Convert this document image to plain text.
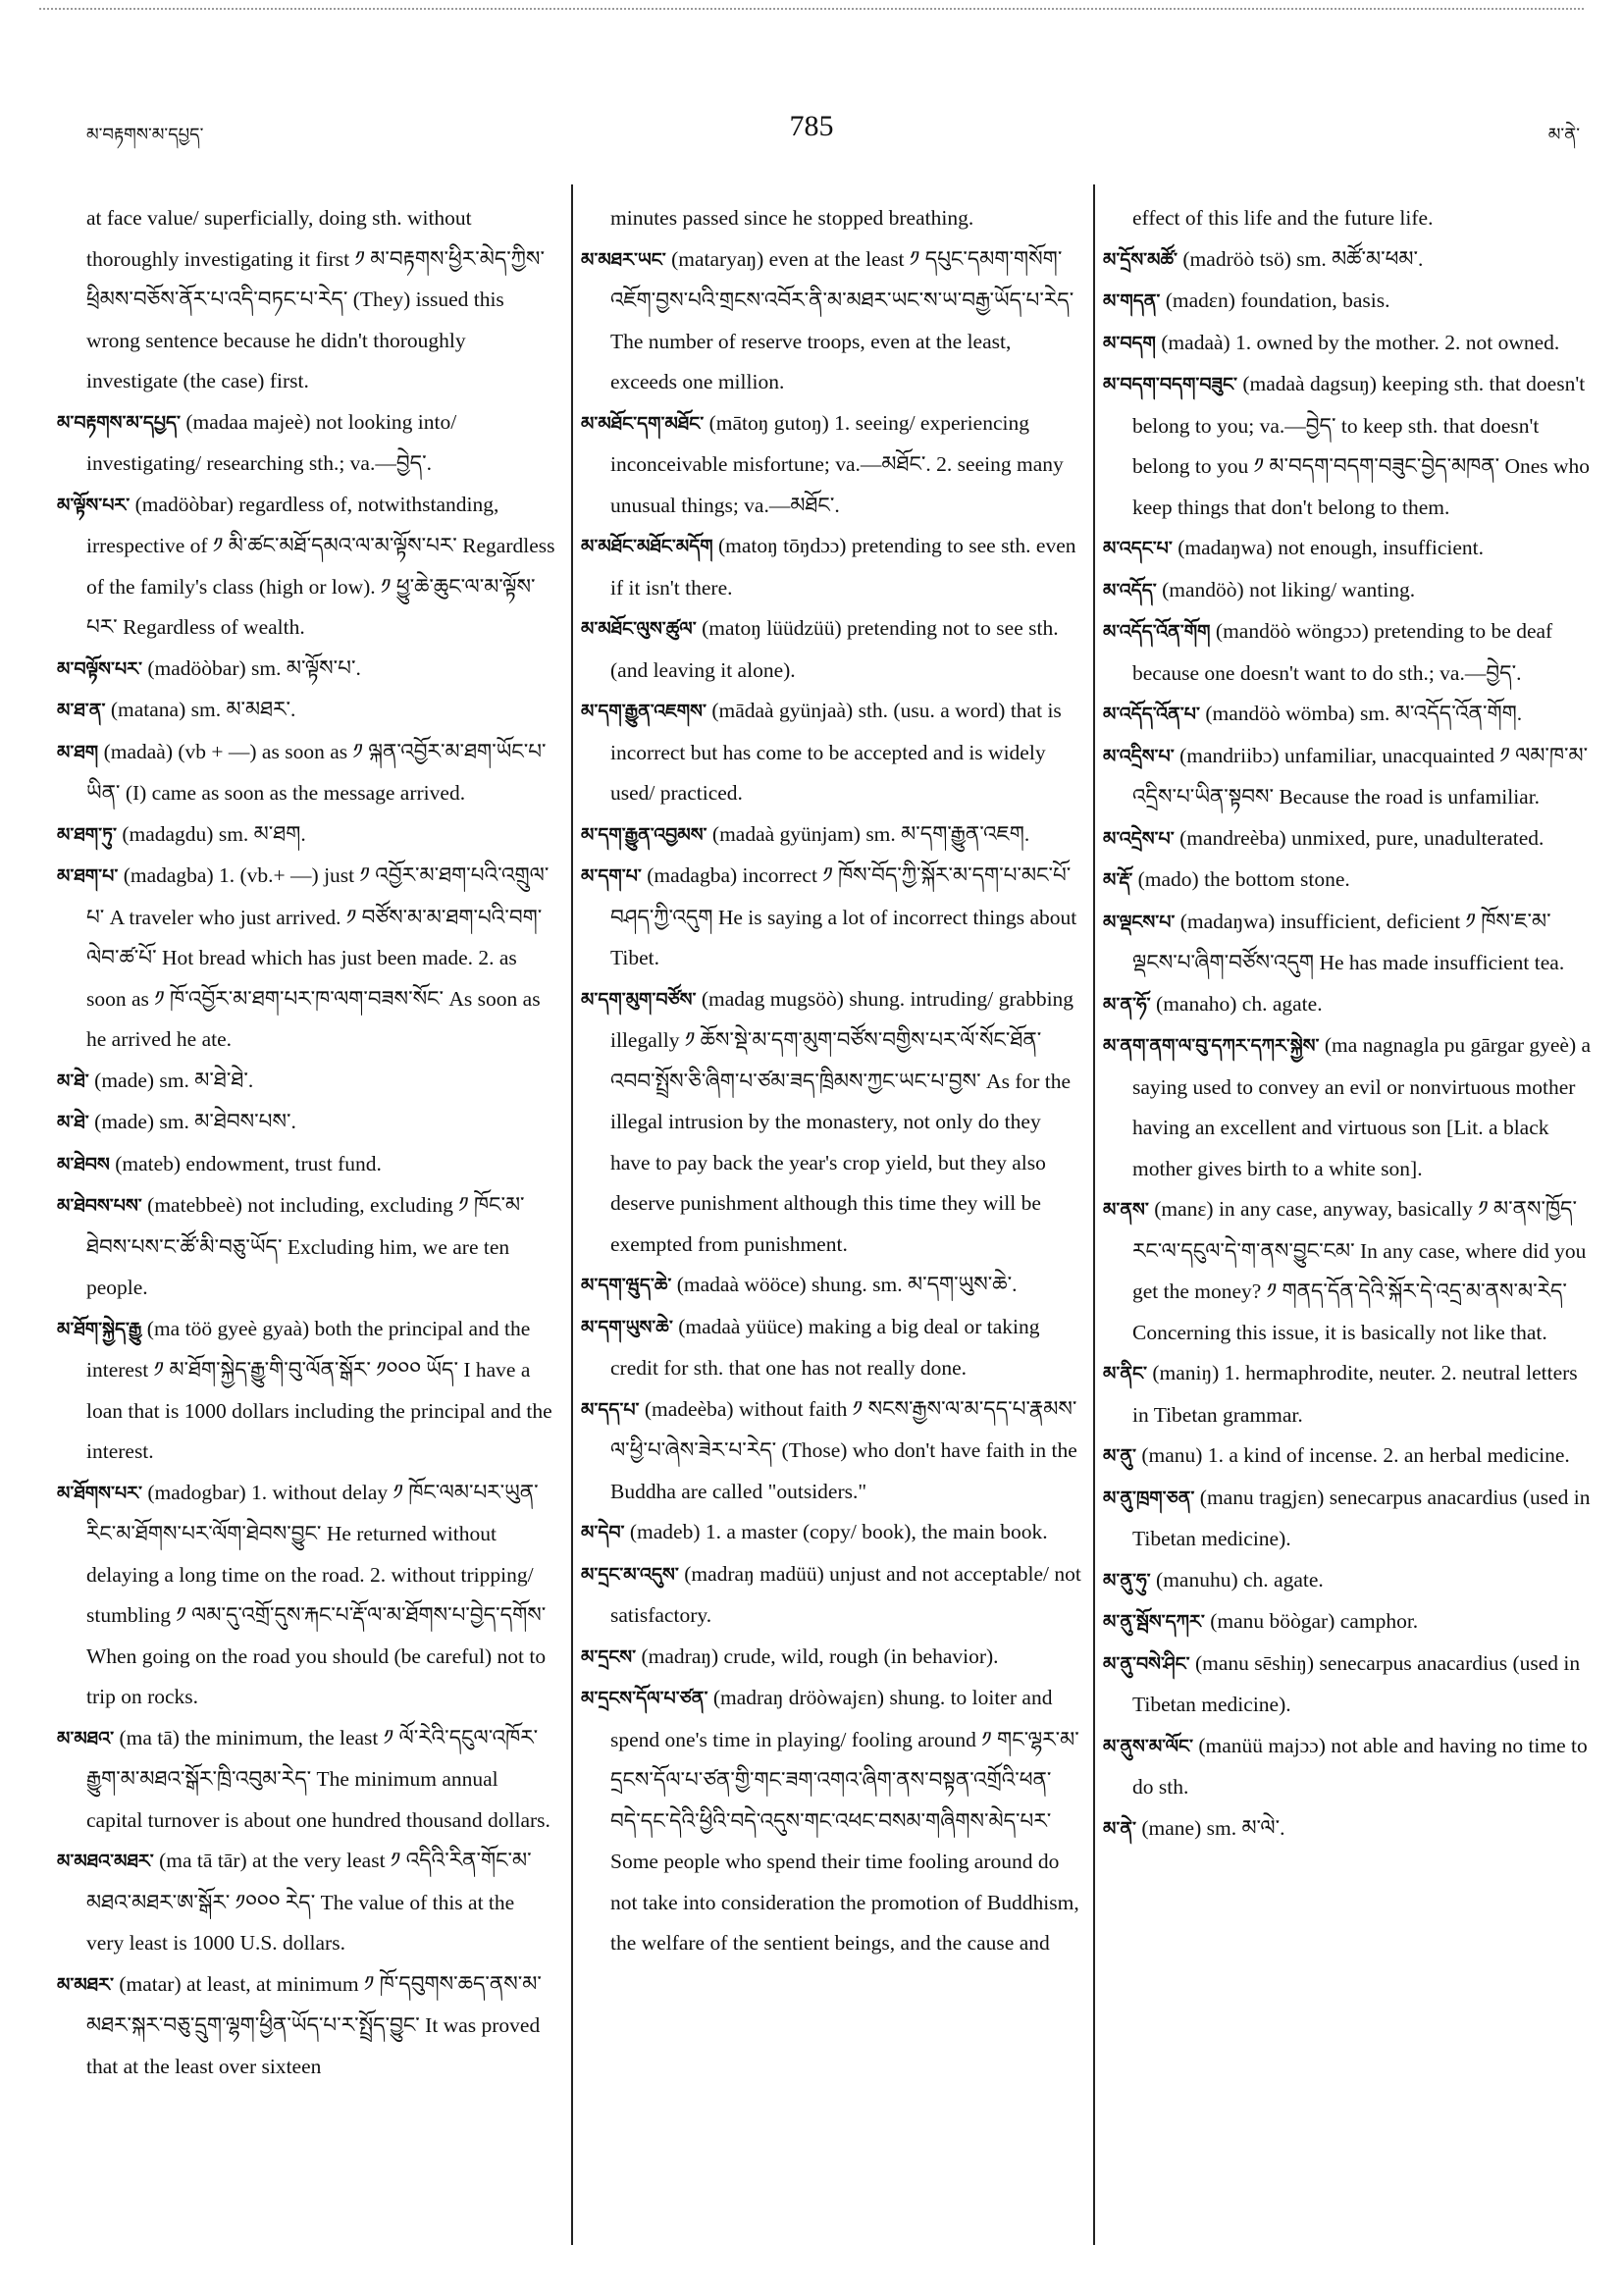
མ་བརྟགས་མ་དཔྱད་	785	མ་ནེ་

at face value/ superficially, doing sth. without thoroughly investigating it first ༡ མ་བརྟགས་ཕྱིར་མེད་ཀྱིས་ཕྲིམས་བཅོས་ནོར་པ་འདི་བཏང་པ་རེད་ (They) issued this wrong sentence because he didn't thoroughly investigate (the case) first.

མ་བརྟགས་མ་དཔྱད་ (madaa majeè) not looking into/ investigating/ researching sth.; va.—བྱེད་.

མ་ལྟོས་པར་ (madöòbar) regardless of, notwithstanding, irrespective of ༡ མི་ཚང་མཐོ་དམའ་ལ་མ་ལྟོས་པར་ Regardless of the family's class (high or low). ༡ ཕྱུ་ཆེ་ཆུང་ལ་མ་ལྟོས་པར་ Regardless of wealth.

མ་བལྟོས་པར་ (madöòbar) sm. མ་ལྟོས་པ་.

མ་ཐ་ན་ (matana) sm. མ་མཐར་.

མ་ཐག (madaà) (vb + —) as soon as ༡ ལྐན་འབྱོར་མ་ཐག་ཡོང་པ་ཡིན་ (I) came as soon as the message arrived.

མ་ཐག་ཏུ་ (madagdu) sm. མ་ཐག.

མ་ཐག་པ་ (madagba) 1. (vb.+ —) just ༡ འབྱོར་མ་ཐག་པའི་འགྲུལ་པ་ A traveler who just arrived. ༡ བཙོས་མ་མ་ཐག་པའི་བག་ལེབ་ཚ་པོ་ Hot bread which has just been made. 2. as soon as ༡ ཁོ་འབྱོར་མ་ཐག་པར་ཁ་ལག་བཟས་སོང་ As soon as he arrived he ate.

མ་ཐེ་ (made) sm. མ་ཐེ་ཐེ་.

མ་ཐེ་ (made) sm. མ་ཐེབས་པས་.

མ་ཐེབས (mateb) endowment, trust fund.

མ་ཐེབས་པས་ (matebbeè) not including, excluding ༡ ཁོང་མ་ཐེབས་པས་ང་ཚོ་མི་བཅུ་ཡོད་ Excluding him, we are ten people.

མ་ཐོག་སྐྱེད་རྒྱུ (ma töö gyeè gyaà) both the principal and the interest ༡ མ་ཐོག་སྐྱེད་རྒྱུ་གི་བུ་ལོན་སྒོར་ ༡༠༠༠ ཡོད་ I have a loan that is 1000 dollars including the principal and the interest.

མ་ཐོགས་པར་ (madogbar) 1. without delay ༡ ཁོང་ལམ་པར་ཡུན་རིང་མ་ཐོགས་པར་ལོག་ཐེབས་བྱུང་ He returned without delaying a long time on the road. 2. without tripping/ stumbling ༡ ལམ་དུ་འགྲོ་དུས་རྐང་པ་རྡོ་ལ་མ་ཐོགས་པ་བྱེད་དགོས་ When going on the road you should (be careful) not to trip on rocks.

མ་མཐའ་ (ma tā) the minimum, the least ༡ ལོ་རེའི་དངུལ་འཁོར་རྒྱུག་མ་མཐའ་སྒོར་ཁྲི་འབུམ་རེད་ The minimum annual capital turnover is about one hundred thousand dollars.

མ་མཐའ་མཐར་ (ma tā tār) at the very least ༡ འདིའི་རིན་གོང་མ་མཐའ་མཐར་ཨ་སྒོར་ ༡༠༠༠ རེད་ The value of this at the very least is 1000 U.S. dollars.

མ་མཐར་ (matar) at least, at minimum ༡ ཁོ་དབུགས་ཆད་ནས་མ་མཐར་སྐར་བཅུ་དྲུག་ལྷག་ཕྱིན་ཡོད་པ་ར་སྤྲོད་བྱུང་ It was proved that at the least over sixteen

minutes passed since he stopped breathing.

མ་མཐར་ཡང་ (mataryaŋ) even at the least ༡ དཔུང་དམག་གསོག་འཇོག་བྱས་པའི་གྲངས་འབོར་ནི་མ་མཐར་ཡང་ས་ཡ་བརྒྱ་ཡོད་པ་རེད་ The number of reserve troops, even at the least, exceeds one million.

མ་མཐོང་དག་མཐོང་ (mātoŋ gutoŋ) 1. seeing/ experiencing inconceivable misfortune; va.—མཐོང་. 2. seeing many unusual things; va.—མཐོང་.

མ་མཐོང་མཐོང་མདོག (matoŋ tōŋdɔɔ) pretending to see sth. even if it isn't there.

མ་མཐོང་ལུས་ཚུལ་ (matoŋ lüüdzüü) pretending not to see sth. (and leaving it alone).

མ་དག་རྒྱུན་འཇགས་ (mādaà gyünjaà) sth. (usu. a word) that is incorrect but has come to be accepted and is widely used/ practiced.

མ་དག་རྒྱུན་འབྱམས་ (madaà gyünjam) sm. མ་དག་རྒྱུན་འཇག.

མ་དག་པ་ (madagba) incorrect ༡ ཁོས་བོད་ཀྱི་སྐོར་མ་དག་པ་མང་པོ་བཤད་ཀྱི་འདུག He is saying a lot of incorrect things about Tibet.

མ་དག་མུག་བཙོས་ (madag mugsöò) shung. intruding/ grabbing illegally ༡ ཆོས་སྡེ་མ་དག་མུག་བཙོས་བགྱིས་པར་ལོ་སོང་ཐོན་འབབ་སྤྲོས་ཅི་ཞིག་པ་ཙམ་ཟད་ཁྲིམས་ཀྱང་ཡང་པ་བྱས་ As for the illegal intrusion by the monastery, not only do they have to pay back the year's crop yield, but they also deserve punishment although this time they will be exempted from punishment.

མ་དག་ཝུད་ཆེ་ (madaà wööce) shung. sm. མ་དག་ཡུས་ཆེ་.

མ་དག་ཡུས་ཆེ་ (madaà yüüce) making a big deal or taking credit for sth. that one has not really done.

མ་དད་པ་ (madeèba) without faith ༡ སངས་རྒྱས་ལ་མ་དད་པ་རྣམས་ལ་ཕྱི་པ་ཞེས་ཟེར་པ་རེད་ (Those) who don't have faith in the Buddha are called "outsiders."

མ་དེབ་ (madeb) 1. a master (copy/ book), the main book.

མ་དྲང་མ་འདུས་ (madraŋ madüü) unjust and not acceptable/ not satisfactory.

མ་དྲངས་ (madraŋ) crude, wild, rough (in behavior).

མ་དྲངས་དོལ་པ་ཙན་ (madraŋ dröòwajɛn) shung. to loiter and spend one's time in playing/ fooling around ༡ གང་ལྷར་མ་དྲངས་དོལ་པ་ཙན་གྱི་གང་ཟག་འགའ་ཞིག་ནས་བསྟན་འགྲོའི་ཕན་བདེ་དང་དེའི་ཕྱིའི་བདེ་འདུས་གང་འཕང་བསམ་གཞིགས་མེད་པར་ Some people who spend their time fooling around do not take into consideration the promotion of Buddhism, the welfare of the sentient beings, and the cause and

effect of this life and the future life.

མ་དྲོས་མཚོ་ (madröò tsö) sm. མཚོ་མ་ཕམ་.

མ་གདན་ (madɛn) foundation, basis.

མ་བདག (madaà) 1. owned by the mother. 2. not owned.

མ་བདག་བདག་བཟུང་ (madaà dagsuŋ) keeping sth. that doesn't belong to you; va.—བྱེད་ to keep sth. that doesn't belong to you ༡ མ་བདག་བདག་བཟུང་བྱེད་མཁན་ Ones who keep things that don't belong to them.

མ་འདང་པ་ (madaŋwa) not enough, insufficient.

མ་འདོད་ (mandöò) not liking/ wanting.

མ་འདོད་འོན་གོག (mandöò wöngɔɔ) pretending to be deaf because one doesn't want to do sth.; va.—བྱེད་.

མ་འདོད་འོན་པ་ (mandöò wömba) sm. མ་འདོད་འོན་གོག.

མ་འདྲིས་པ་ (mandriibɔ) unfamiliar, unacquainted ༡ ལམ་ཁ་མ་འདྲིས་པ་ཡིན་སྟབས་ Because the road is unfamiliar.

མ་འདྲེས་པ་ (mandreèba) unmixed, pure, unadulterated.

མ་རྡོ་ (mado) the bottom stone.

མ་ལྡངས་པ་ (madaŋwa) insufficient, deficient ༡ ཁོས་ཇ་མ་ལྡངས་པ་ཞིག་བཙོས་འདུག He has made insufficient tea.

མ་ན་ཧོ་ (manaho) ch. agate.

མ་ནག་ནག་ལ་བུ་དཀར་དཀར་སྐྱེས་ (ma nagnagla pu gārgar gyeè) a saying used to convey an evil or nonvirtuous mother having an excellent and virtuous son [Lit. a black mother gives birth to a white son].

མ་ནས་ (manɛ) in any case, anyway, basically ༡ མ་ནས་ཁྱོད་རང་ལ་དངུལ་དེ་ག་ནས་བྱུང་ངམ་ In any case, where did you get the money? ༡ གནད་དོན་དེའི་སྐོར་དེ་འདྲ་མ་ནས་མ་རེད་ Concerning this issue, it is basically not like that.

མ་ནིང་ (maniŋ) 1. hermaphrodite, neuter. 2. neutral letters in Tibetan grammar.

མ་ནུ་ (manu) 1. a kind of incense. 2. an herbal medicine.

མ་ནུ་ཁྲག་ཅན་ (manu tragjɛn) senecarpus anacardius (used in Tibetan medicine).

མ་ནུ་ཧུ་ (manuhu) ch. agate.

མ་ནུ་སྦོས་དཀར་ (manu böògar) camphor.

མ་ནུ་བསེ་ཤིང་ (manu sēshiŋ) senecarpus anacardius (used in Tibetan medicine).

མ་ནུས་མ་ལོང་ (manüü majɔɔ) not able and having no time to do sth.

མ་ནེ་ (mane) sm. མ་ལེ་.
